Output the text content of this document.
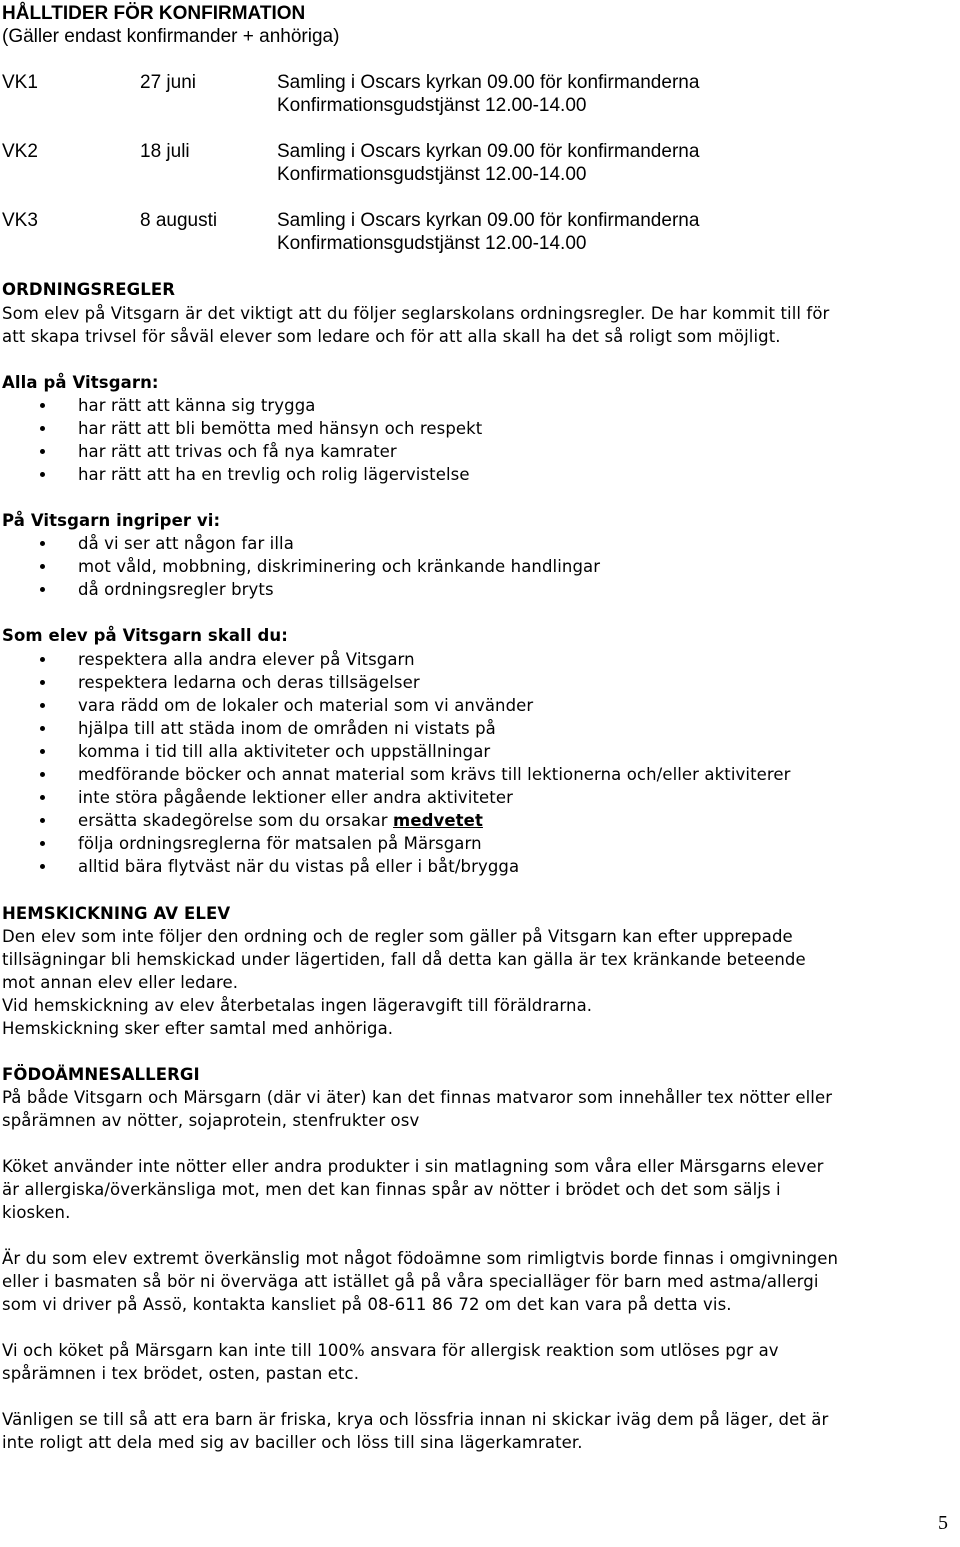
HÅLLTIDER FÖR KONFIRMATION
(Gäller endast konfirmander + anhöriga)
VK1	27 juni	Samling i Oscars kyrkan 09.00 för konfirmanderna
Konfirmationsgudstjänst 12.00-14.00
VK2	18 juli	Samling i Oscars kyrkan 09.00 för konfirmanderna
Konfirmationsgudstjänst 12.00-14.00
VK3	8 augusti	Samling i Oscars kyrkan 09.00 för konfirmanderna
Konfirmationsgudstjänst 12.00-14.00
ORDNINGSREGLER
Som elev på Vitsgarn är det viktigt att du följer seglarskolans ordningsregler. De har kommit till för
att skapa trivsel för såväl elever som ledare och för att alla skall ha det så roligt som möjligt.
Alla på Vitsgarn:
har rätt att känna sig trygga
har rätt att bli bemötta med hänsyn och respekt
har rätt att trivas och få nya kamrater
har rätt att ha en trevlig och rolig lägervistelse
På Vitsgarn ingriper vi:
då vi ser att någon far illa
mot våld, mobbning, diskriminering och kränkande handlingar
då ordningsregler bryts
Som elev på Vitsgarn skall du:
respektera alla andra elever på Vitsgarn
respektera ledarna och deras tillsägelser
vara rädd om de lokaler och material som vi använder
hjälpa till att städa inom de områden ni vistats på
komma i tid till alla aktiviteter och uppställningar
medförande böcker och annat material som krävs till lektionerna och/eller aktiviterer
inte störa pågående lektioner eller andra aktiviteter
ersätta skadegörelse som du orsakar medvetet
följa ordningsreglerna för matsalen på Märsgarn
alltid bära flytväst när du vistas på eller i båt/brygga
HEMSKICKNING AV ELEV
Den elev som inte följer den ordning och de regler som gäller på Vitsgarn kan efter upprepade
tillsägningar bli hemskickad under lägertiden, fall då detta kan gälla är tex kränkande beteende
mot annan elev eller ledare.
Vid hemskickning av elev återbetalas ingen lägeravgift till föräldrarna.
Hemskickning sker efter samtal med anhöriga.
FÖDOÄMNESALLERGI
På både Vitsgarn och Märsgarn (där vi äter) kan det finnas matvaror som innehåller tex nötter eller
spårämnen av nötter, sojaprotein, stenfrukter osv
Köket använder inte nötter eller andra produkter i sin matlagning som våra eller Märsgarns elever
är allergiska/överkänsliga mot, men det kan finnas spår av nötter i brödet och det som säljs i
kiosken.
Är du som elev extremt överkänslig mot något födoämne som rimligtvis borde finnas i omgivningen
eller i basmaten så bör ni överväga att istället gå på våra specialläger för barn med astma/allergi
som vi driver på Assö, kontakta kansliet på 08-611 86 72 om det kan vara på detta vis.
Vi och köket på Märsgarn kan inte till 100% ansvara för allergisk reaktion som utlöses pgr av
spårämnen i tex brödet, osten, pastan etc.
Vänligen se till så att era barn är friska, krya och lössfria innan ni skickar iväg dem på läger, det är
inte roligt att dela med sig av baciller och löss till sina lägerkamrater.
5
